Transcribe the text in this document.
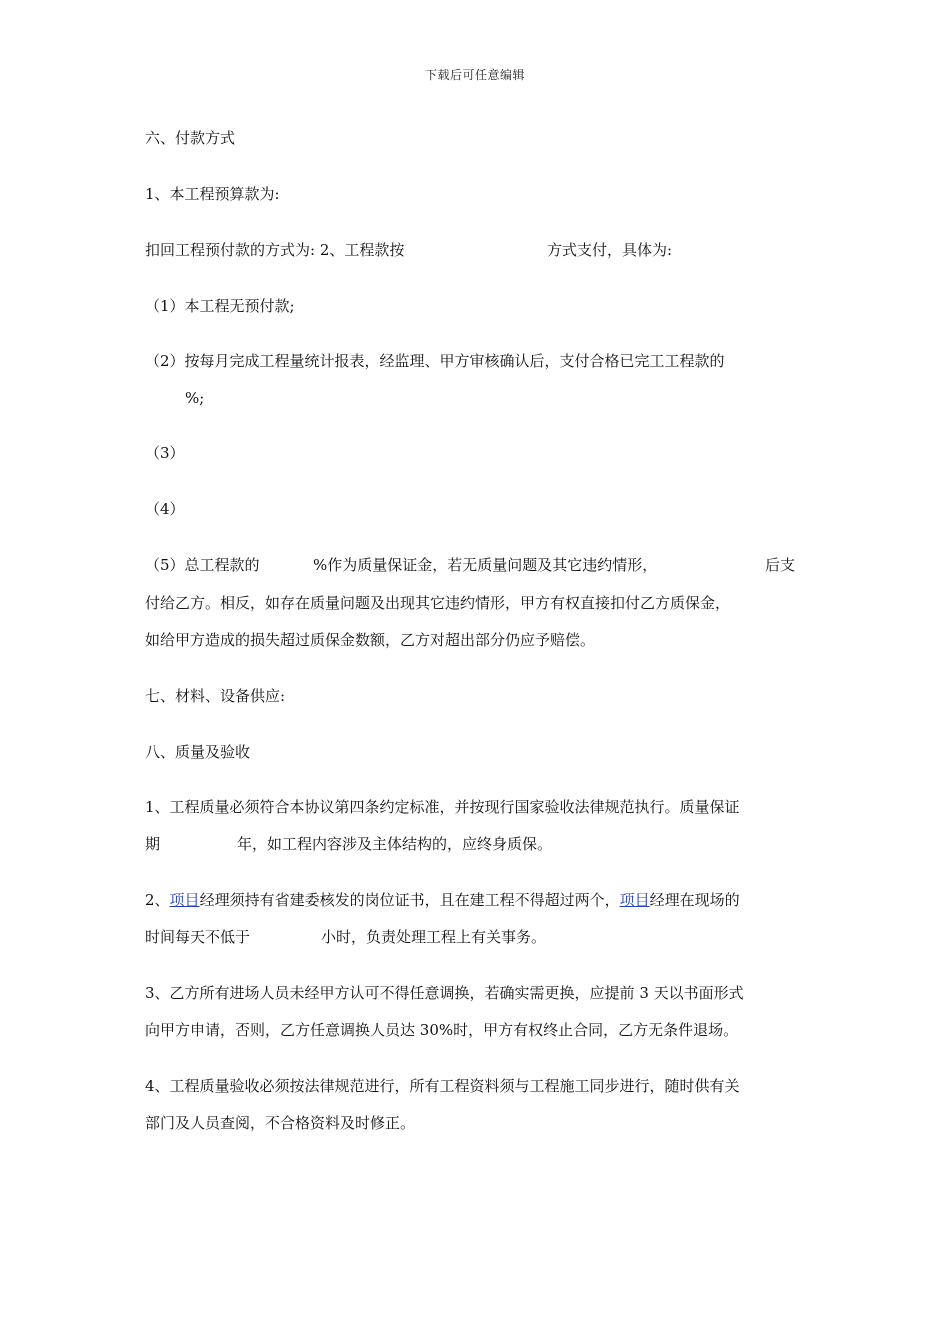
下载后可任意编辑
六、付款方式
1、本工程预算款为:
扣回工程预付款的方式为: 2、工程款按	方式支付，具体为:
（1）本工程无预付款;
（2）按每月完成工程量统计报表，经监理、甲方审核确认后，支付合格已完工工程款的
%;
（3）
（4）
（5）总工程款的	%作为质量保证金，若无质量问题及其它违约情形，	后支
付给乙方。相反，如存在质量问题及出现其它违约情形，甲方有权直接扣付乙方质保金，
如给甲方造成的损失超过质保金数额，乙方对超出部分仍应予赔偿。
七、材料、设备供应:
八、质量及验收
1、工程质量必须符合本协议第四条约定标准，并按现行国家验收法律规范执行。质量保证
期	年，如工程内容涉及主体结构的，应终身质保。
2、项目经理须持有省建委核发的岗位证书，且在建工程不得超过两个，项目经理在现场的
时间每天不低于	小时，负责处理工程上有关事务。
3、乙方所有进场人员未经甲方认可不得任意调换，若确实需更换，应提前 3 天以书面形式
向甲方申请，否则，乙方任意调换人员达 30%时，甲方有权终止合同，乙方无条件退场。
4、工程质量验收必须按法律规范进行，所有工程资料须与工程施工同步进行，随时供有关
部门及人员查阅，不合格资料及时修正。
